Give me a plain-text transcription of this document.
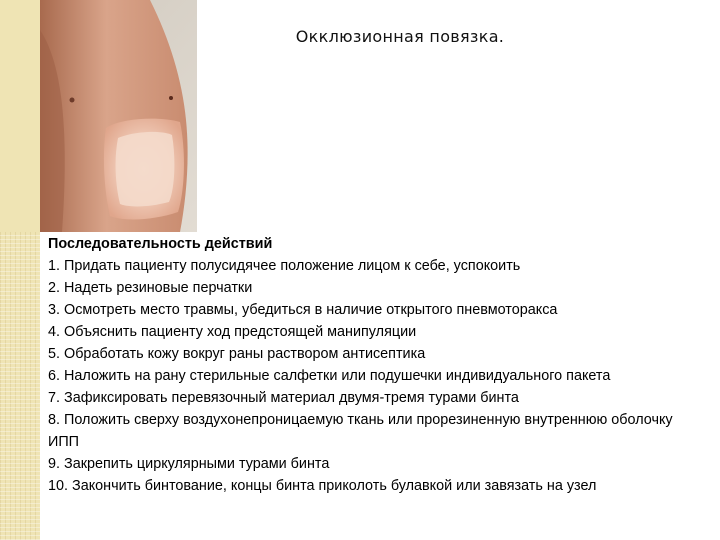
Окклюзионная повязка.
Последовательность действий

1. Придать пациенту полусидячее положение лицом к себе, успокоить

2. Надеть резиновые перчатки

3. Осмотреть место травмы, убедиться в наличие открытого пневмоторакса

4. Объяснить пациенту ход предстоящей манипуляции

5. Обработать кожу вокруг раны раствором антисептика

6. Наложить на рану стерильные салфетки или подушечки индивидуального пакета

7. Зафиксировать перевязочный материал двумя-тремя турами бинта

8. Положить сверху воздухонепроницаемую ткань или прорезиненную внутреннюю оболочку ИПП

9. Закрепить циркулярными турами бинта

10. Закончить бинтование, концы бинта приколоть булавкой или завязать на узел
